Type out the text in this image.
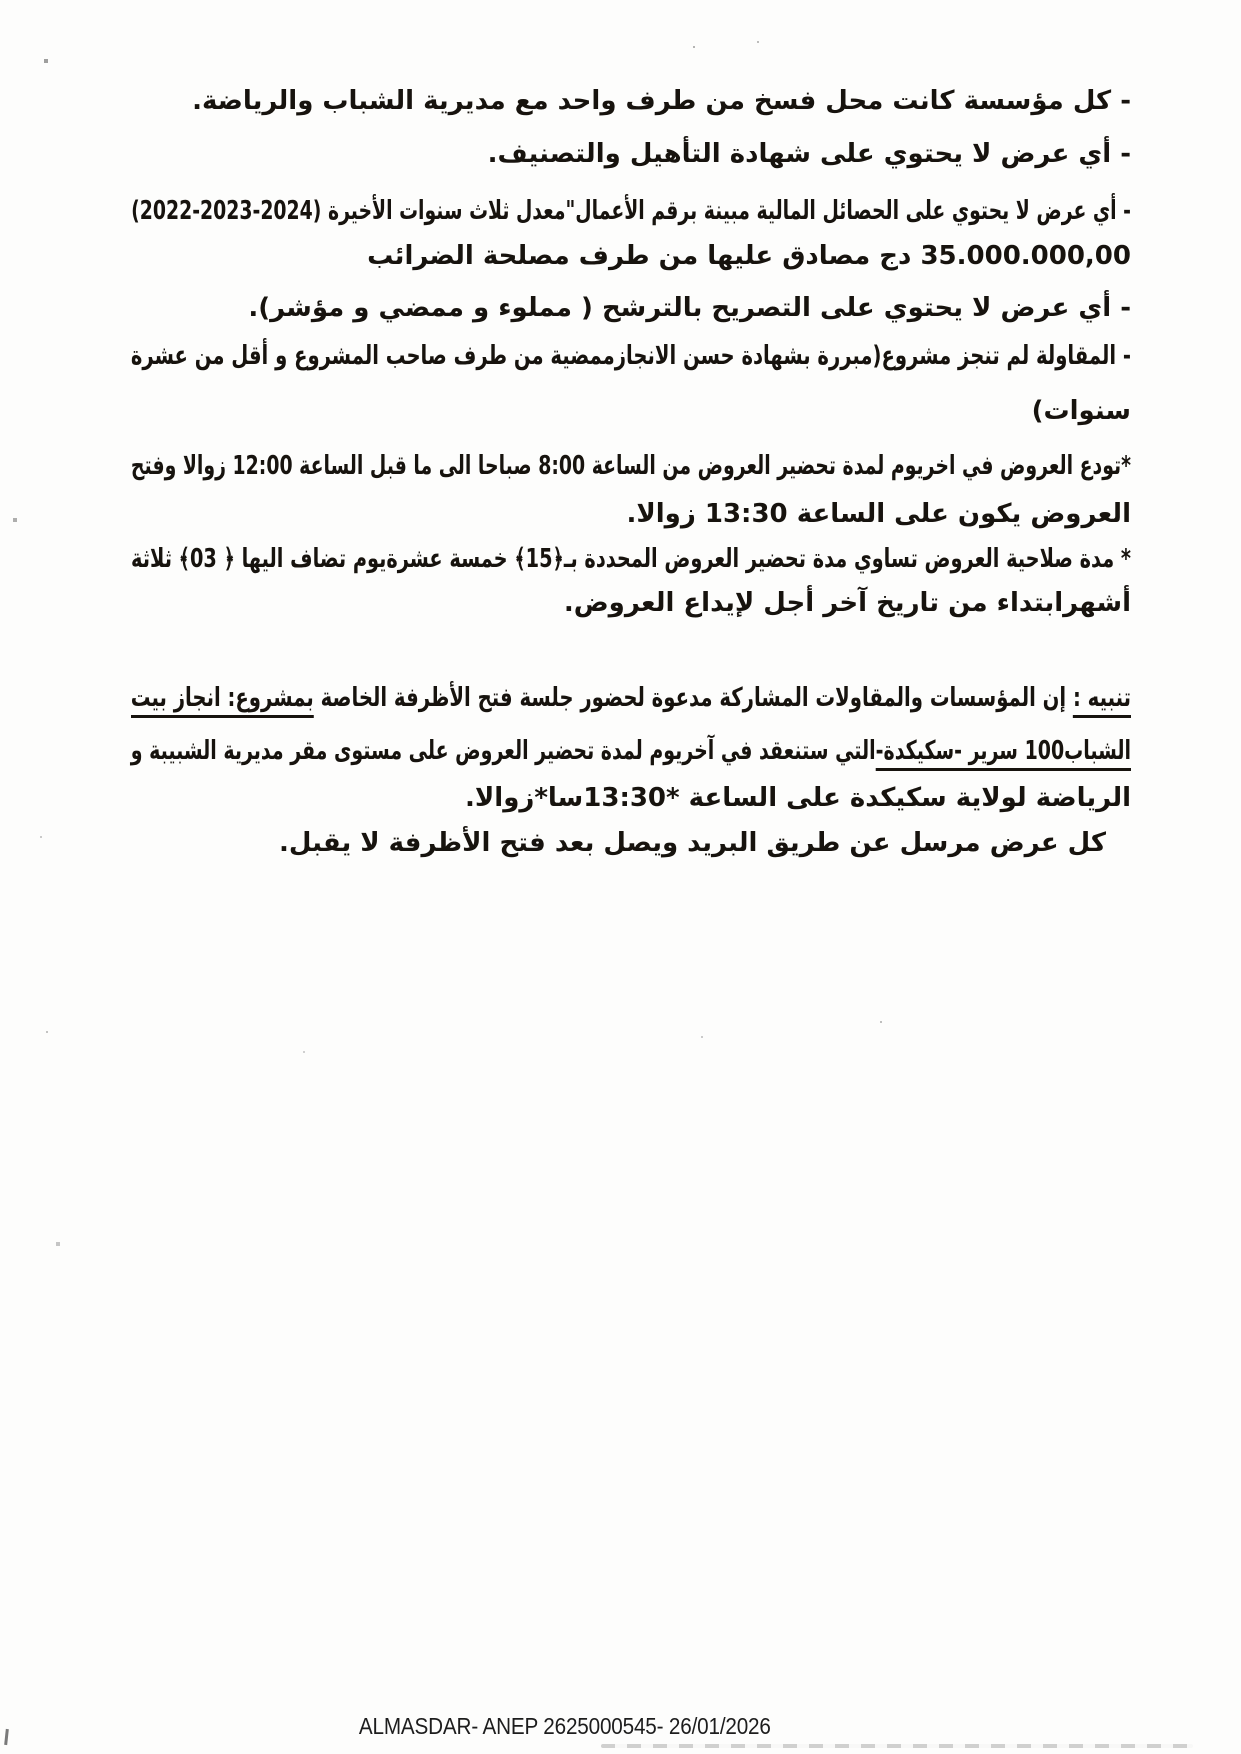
- كل مؤسسة كانت محل فسخ من طرف واحد مع مديرية الشباب والرياضة.
- أي عرض لا يحتوي على شهادة التأهيل والتصنيف.
- أي عرض لا يحتوي على الحصائل المالية مبينة برقم الأعمال"معدل ثلاث سنوات الأخيرة (2024-2023-2022)
35.000.000,00 دج مصادق عليها من طرف مصلحة الضرائب
- أي عرض لا يحتوي على التصريح بالترشح ( مملوء و ممضي و مؤشر).
- المقاولة لم تنجز مشروع(مبررة بشهادة حسن الانجازممضية من طرف صاحب المشروع و أقل من عشرة
سنوات)
*تودع العروض في اخريوم لمدة تحضير العروض من الساعة 8:00 صباحا الى ما قبل الساعة 12:00 زوالا وفتح
العروض يكون على الساعة 13:30 زوالا.
* مدة صلاحية العروض تساوي مدة تحضير العروض المحددة بـ﴿15﴾ خمسة عشرةيوم تضاف اليها ﴿ 03﴾ ثلاثة
أشهرابتداء من تاريخ آخر أجل لإيداع العروض.
تنبيه : إن المؤسسات والمقاولات المشاركة مدعوة لحضور جلسة فتح الأظرفة الخاصة بمشروع: انجاز بيت
الشباب100 سرير -سكيكدة-التي ستنعقد في آخريوم لمدة تحضير العروض على مستوى مقر مديرية الشبيبة و
الرياضة لولاية سكيكدة على الساعة *13:30سا*زوالا.
كل عرض مرسل عن طريق البريد ويصل بعد فتح الأظرفة لا يقبل.
ALMASDAR- ANEP 2625000545- 26/01/2026
